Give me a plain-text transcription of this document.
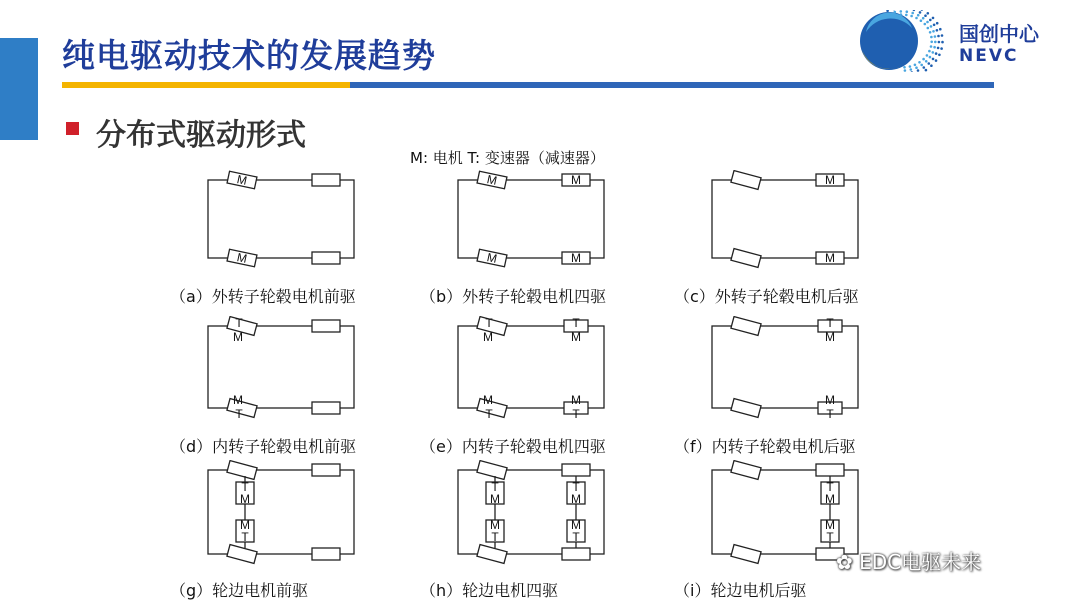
纯电驱动技术的发展趋势
国创中心
NEVC
分布式驱动形式
M: 电机 T: 变速器（减速器）
M
M
（a）外转子轮毂电机前驱
M
M
M
M
（b）外转子轮毂电机四驱
M
M
（c）外转子轮毂电机后驱
T
M
M
T
（d）内转子轮毂电机前驱
T
M
M
T
T
M
M
T
（e）内转子轮毂电机四驱
T
M
M
T
（f）内转子轮毂电机后驱
T
M
M
T
（g）轮边电机前驱
T
M
M
T
T
M
M
T
（h）轮边电机四驱
T
M
M
T
（i）轮边电机后驱
✿ EDC电驱未来
